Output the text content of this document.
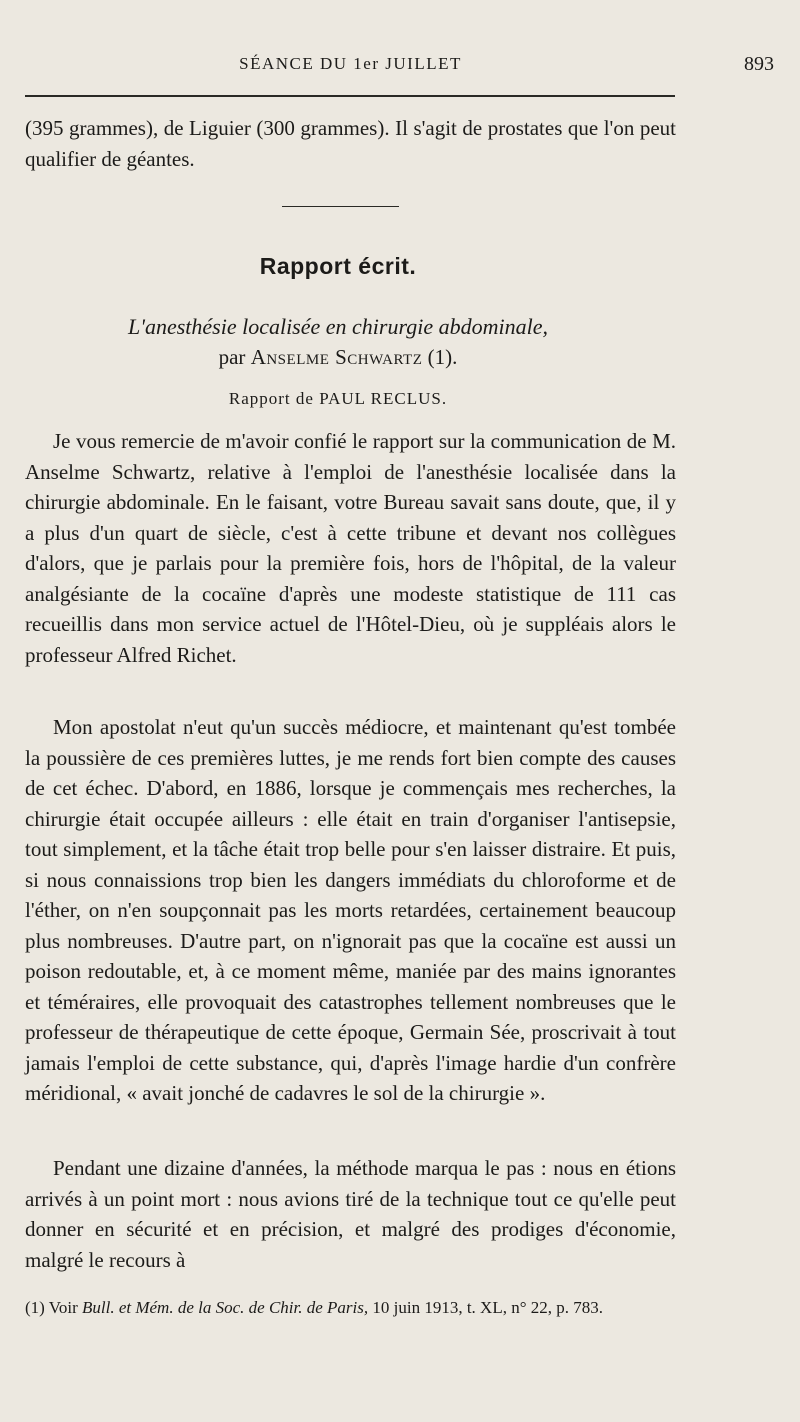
SÉANCE DU 1er JUILLET	893

(395 grammes), de Liguier (300 grammes). Il s'agit de prostates que l'on peut qualifier de géantes.

Rapport écrit.
L'anesthésie localisée en chirurgie abdominale,
par Anselme Schwartz (1).
Rapport de PAUL RECLUS.

Je vous remercie de m'avoir confié le rapport sur la communication de M. Anselme Schwartz, relative à l'emploi de l'anesthésie localisée dans la chirurgie abdominale. En le faisant, votre Bureau savait sans doute, que, il y a plus d'un quart de siècle, c'est à cette tribune et devant nos collègues d'alors, que je parlais pour la première fois, hors de l'hôpital, de la valeur analgésiante de la cocaïne d'après une modeste statistique de 111 cas recueillis dans mon service actuel de l'Hôtel-Dieu, où je suppléais alors le professeur Alfred Richet.

Mon apostolat n'eut qu'un succès médiocre, et maintenant qu'est tombée la poussière de ces premières luttes, je me rends fort bien compte des causes de cet échec. D'abord, en 1886, lorsque je commençais mes recherches, la chirurgie était occupée ailleurs : elle était en train d'organiser l'antisepsie, tout simplement, et la tâche était trop belle pour s'en laisser distraire. Et puis, si nous connaissions trop bien les dangers immédiats du chloroforme et de l'éther, on n'en soupçonnait pas les morts retardées, certainement beaucoup plus nombreuses. D'autre part, on n'ignorait pas que la cocaïne est aussi un poison redoutable, et, à ce moment même, maniée par des mains ignorantes et téméraires, elle provoquait des catastrophes tellement nombreuses que le professeur de thérapeutique de cette époque, Germain Sée, proscrivait à tout jamais l'emploi de cette substance, qui, d'après l'image hardie d'un confrère méridional, « avait jonché de cadavres le sol de la chirurgie ».

Pendant une dizaine d'années, la méthode marqua le pas : nous en étions arrivés à un point mort : nous avions tiré de la technique tout ce qu'elle peut donner en sécurité et en précision, et malgré des prodiges d'économie, malgré le recours à

(1) Voir Bull. et Mém. de la Soc. de Chir. de Paris, 10 juin 1913, t. XL, n° 22, p. 783.
